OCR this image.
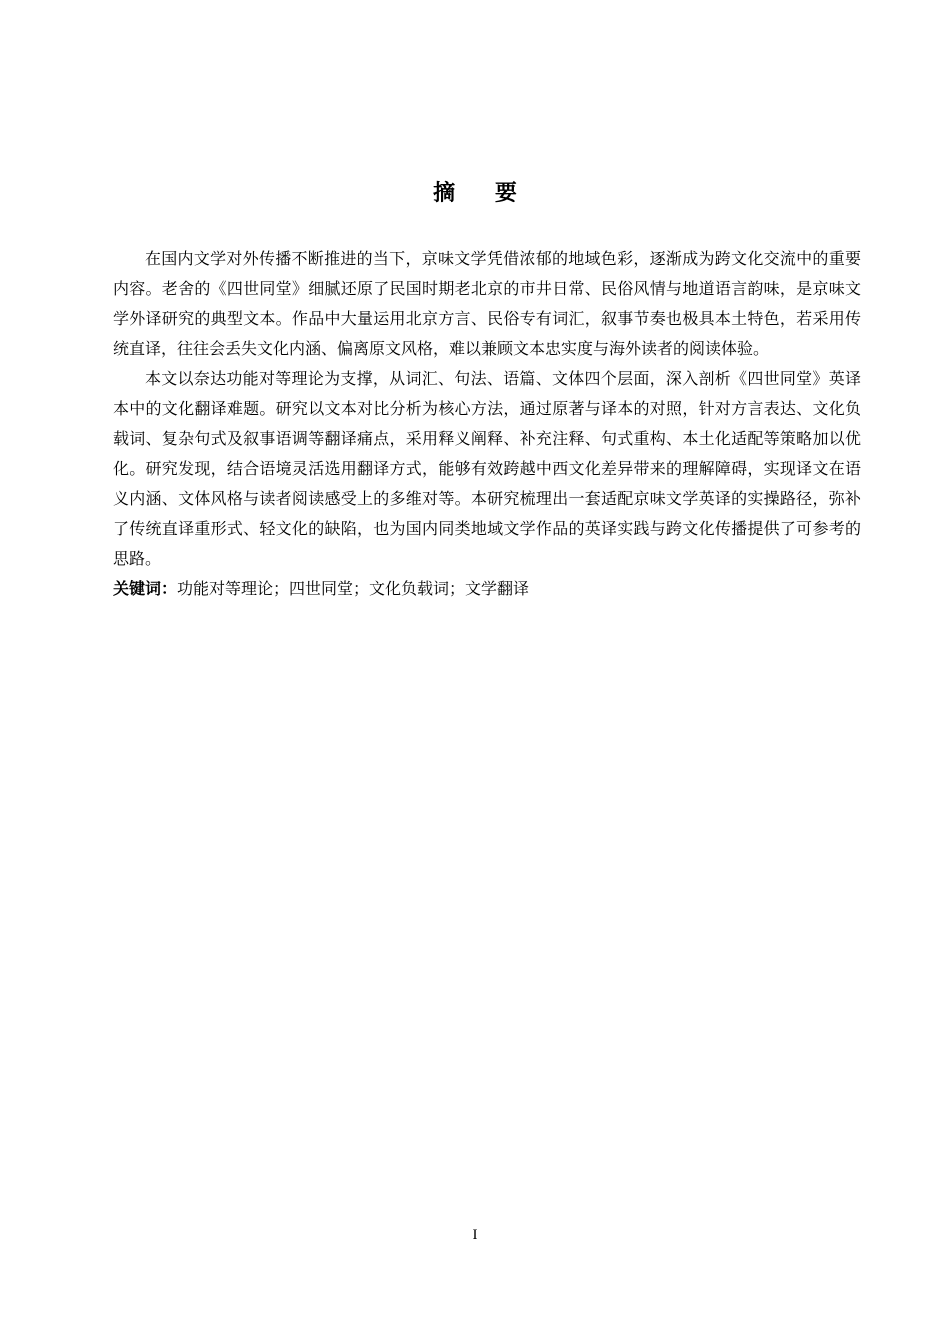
摘 要

在国内文学对外传播不断推进的当下，京味文学凭借浓郁的地域色彩，逐渐成为跨文化交流中的重要内容。老舍的《四世同堂》细腻还原了民国时期老北京的市井日常、民俗风情与地道语言韵味，是京味文学外译研究的典型文本。作品中大量运用北京方言、民俗专有词汇，叙事节奏也极具本土特色，若采用传统直译，往往会丢失文化内涵、偏离原文风格，难以兼顾文本忠实度与海外读者的阅读体验。

本文以奈达功能对等理论为支撑，从词汇、句法、语篇、文体四个层面，深入剖析《四世同堂》英译本中的文化翻译难题。研究以文本对比分析为核心方法，通过原著与译本的对照，针对方言表达、文化负载词、复杂句式及叙事语调等翻译痛点，采用释义阐释、补充注释、句式重构、本土化适配等策略加以优化。研究发现，结合语境灵活选用翻译方式，能够有效跨越中西文化差异带来的理解障碍，实现译文在语义内涵、文体风格与读者阅读感受上的多维对等。本研究梳理出一套适配京味文学英译的实操路径，弥补了传统直译重形式、轻文化的缺陷，也为国内同类地域文学作品的英译实践与跨文化传播提供了可参考的思路。

关键词：功能对等理论；四世同堂；文化负载词；文学翻译

I
